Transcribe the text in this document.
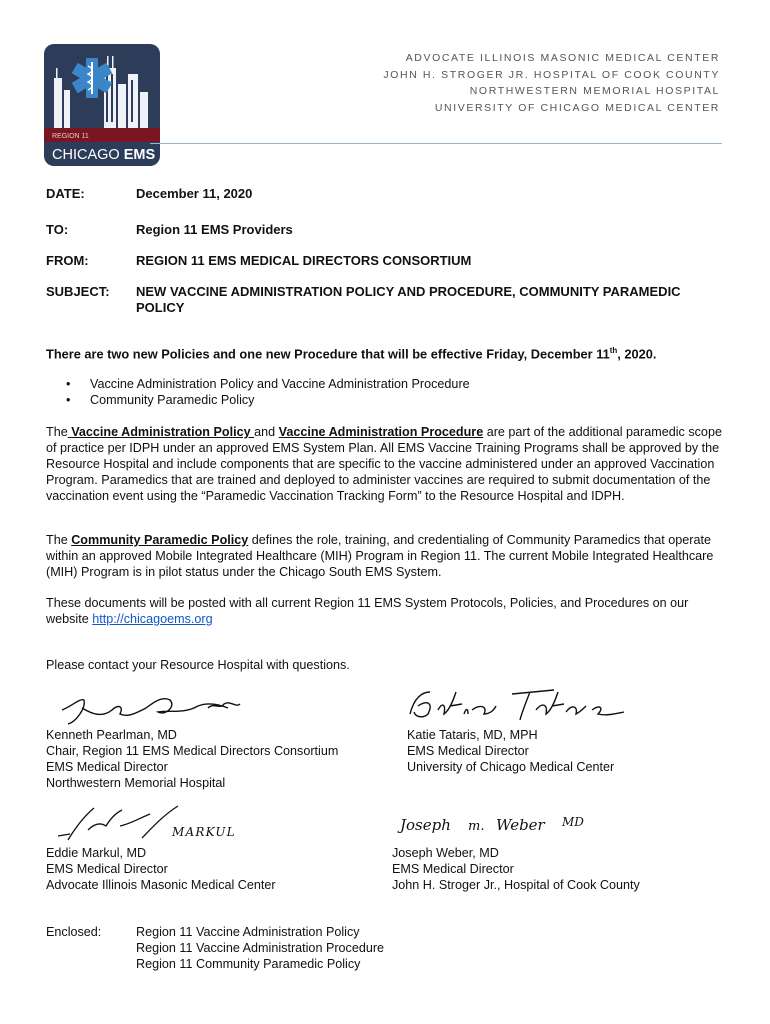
REGION 11
CHICAGO EMS
ADVOCATE ILLINOIS MASONIC MEDICAL CENTER
JOHN H. STROGER JR. HOSPITAL OF COOK COUNTY
NORTHWESTERN MEMORIAL HOSPITAL
UNIVERSITY OF CHICAGO MEDICAL CENTER
DATE:	December 11, 2020
TO:	Region 11 EMS Providers
FROM:	REGION 11 EMS MEDICAL DIRECTORS CONSORTIUM
SUBJECT: NEW VACCINE ADMINISTRATION POLICY AND PROCEDURE, COMMUNITY PARAMEDIC POLICY
There are two new Policies and one new Procedure that will be effective Friday, December 11th, 2020.
• Vaccine Administration Policy and Vaccine Administration Procedure
• Community Paramedic Policy
The Vaccine Administration Policy and Vaccine Administration Procedure are part of the additional paramedic scope of practice per IDPH under an approved EMS System Plan. All EMS Vaccine Training Programs shall be approved by the Resource Hospital and include components that are specific to the vaccine administered under an approved Vaccination Program. Paramedics that are trained and deployed to administer vaccines are required to submit documentation of the vaccination event using the “Paramedic Vaccination Tracking Form” to the Resource Hospital and IDPH.
The Community Paramedic Policy defines the role, training, and credentialing of Community Paramedics that operate within an approved Mobile Integrated Healthcare (MIH) Program in Region 11. The current Mobile Integrated Healthcare (MIH) Program is in pilot status under the Chicago South EMS System.
These documents will be posted with all current Region 11 EMS System Protocols, Policies, and Procedures on our website http://chicagoems.org
Please contact your Resource Hospital with questions.
MARKUL	Joseph m. Weber MD
Kenneth Pearlman, MD
Chair, Region 11 EMS Medical Directors Consortium
EMS Medical Director
Northwestern Memorial Hospital
Katie Tataris, MD, MPH
EMS Medical Director
University of Chicago Medical Center
Eddie Markul, MD
EMS Medical Director
Advocate Illinois Masonic Medical Center
Joseph Weber, MD
EMS Medical Director
John H. Stroger Jr., Hospital of Cook County
Enclosed:	Region 11 Vaccine Administration Policy
Region 11 Vaccine Administration Procedure
Region 11 Community Paramedic Policy
